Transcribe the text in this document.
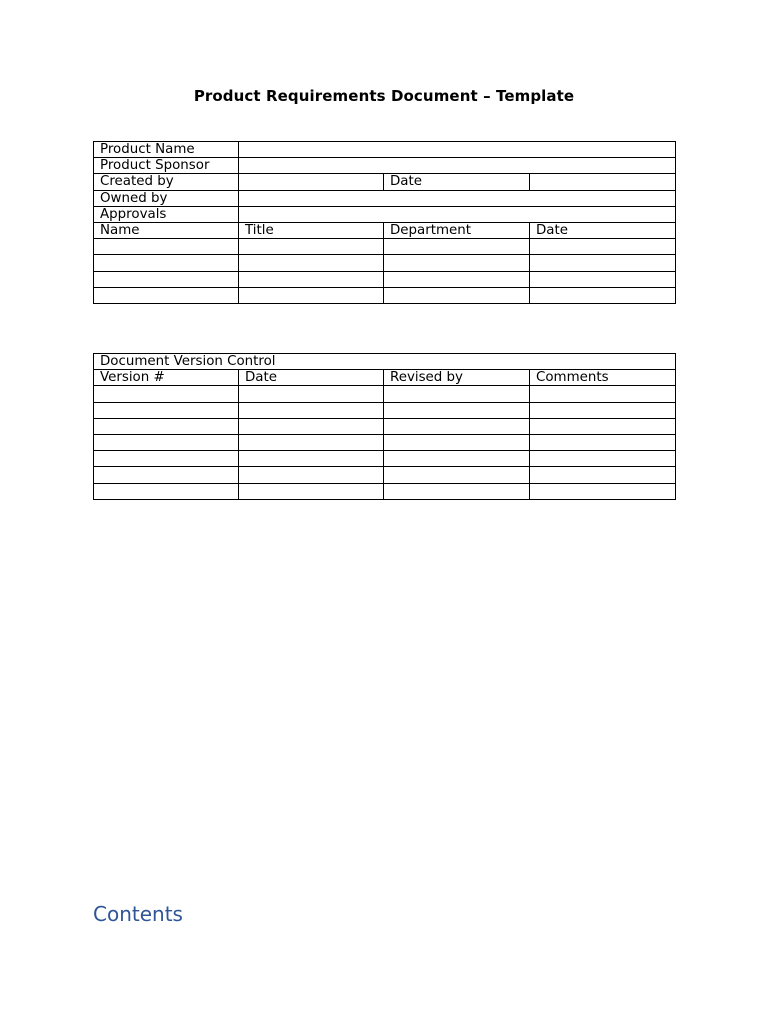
Product Requirements Document – Template
Product Name			
Product Sponsor			
Created by		Date	
Owned by			
Approvals			
Name	Title	Department	Date

Document Version Control			
Version #	Date	Revised by	Comments

Contents
